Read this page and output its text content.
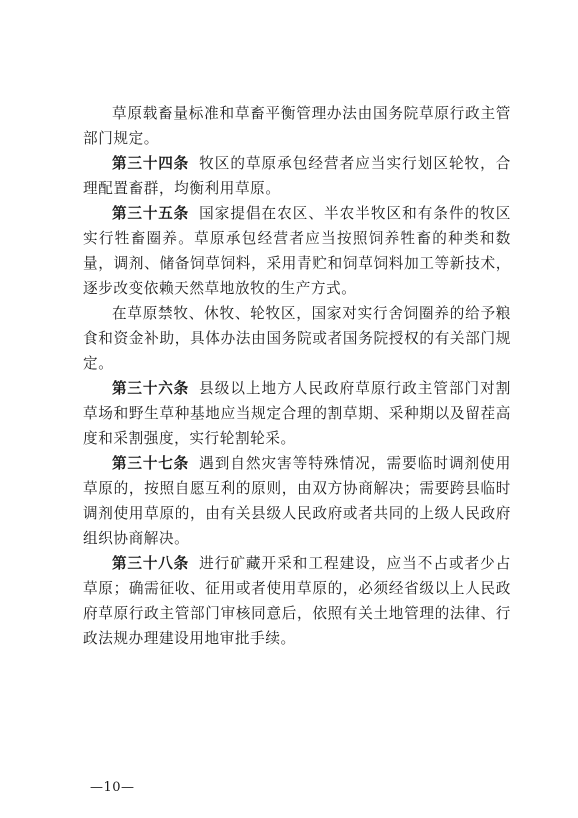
草原载畜量标准和草畜平衡管理办法由国务院草原行政主管部门规定。

第三十四条 牧区的草原承包经营者应当实行划区轮牧，合理配置畜群，均衡利用草原。

第三十五条 国家提倡在农区、半农半牧区和有条件的牧区实行牲畜圈养。草原承包经营者应当按照饲养牲畜的种类和数量，调剂、储备饲草饲料，采用青贮和饲草饲料加工等新技术，逐步改变依赖天然草地放牧的生产方式。

在草原禁牧、休牧、轮牧区，国家对实行舍饲圈养的给予粮食和资金补助，具体办法由国务院或者国务院授权的有关部门规定。

第三十六条 县级以上地方人民政府草原行政主管部门对割草场和野生草种基地应当规定合理的割草期、采种期以及留茬高度和采割强度，实行轮割轮采。

第三十七条 遇到自然灾害等特殊情况，需要临时调剂使用草原的，按照自愿互利的原则，由双方协商解决；需要跨县临时调剂使用草原的，由有关县级人民政府或者共同的上级人民政府组织协商解决。

第三十八条 进行矿藏开采和工程建设，应当不占或者少占草原；确需征收、征用或者使用草原的，必须经省级以上人民政府草原行政主管部门审核同意后，依照有关土地管理的法律、行政法规办理建设用地审批手续。

—10—
